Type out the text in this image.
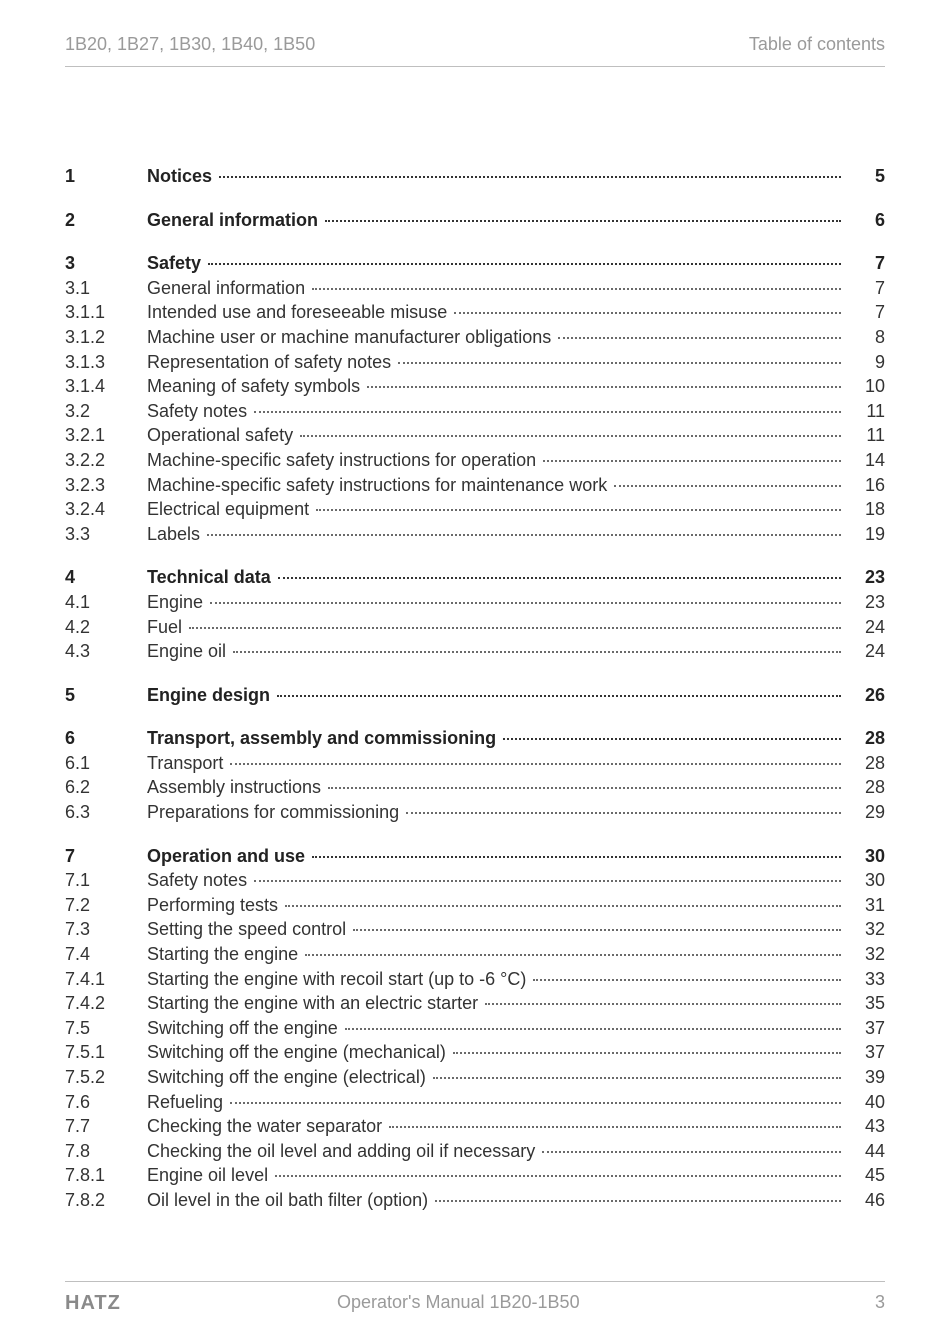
1B20, 1B27, 1B30, 1B40, 1B50	Table of contents
1	Notices	5
2	General information	6
3	Safety	7
3.1	General information	7
3.1.1	Intended use and foreseeable misuse	7
3.1.2	Machine user or machine manufacturer obligations	8
3.1.3	Representation of safety notes	9
3.1.4	Meaning of safety symbols	10
3.2	Safety notes	11
3.2.1	Operational safety	11
3.2.2	Machine-specific safety instructions for operation	14
3.2.3	Machine-specific safety instructions for maintenance work	16
3.2.4	Electrical equipment	18
3.3	Labels	19
4	Technical data	23
4.1	Engine	23
4.2	Fuel	24
4.3	Engine oil	24
5	Engine design	26
6	Transport, assembly and commissioning	28
6.1	Transport	28
6.2	Assembly instructions	28
6.3	Preparations for commissioning	29
7	Operation and use	30
7.1	Safety notes	30
7.2	Performing tests	31
7.3	Setting the speed control	32
7.4	Starting the engine	32
7.4.1	Starting the engine with recoil start (up to -6 °C)	33
7.4.2	Starting the engine with an electric starter	35
7.5	Switching off the engine	37
7.5.1	Switching off the engine (mechanical)	37
7.5.2	Switching off the engine (electrical)	39
7.6	Refueling	40
7.7	Checking the water separator	43
7.8	Checking the oil level and adding oil if necessary	44
7.8.1	Engine oil level	45
7.8.2	Oil level in the oil bath filter (option)	46
HATZ	Operator's Manual 1B20-1B50	3
